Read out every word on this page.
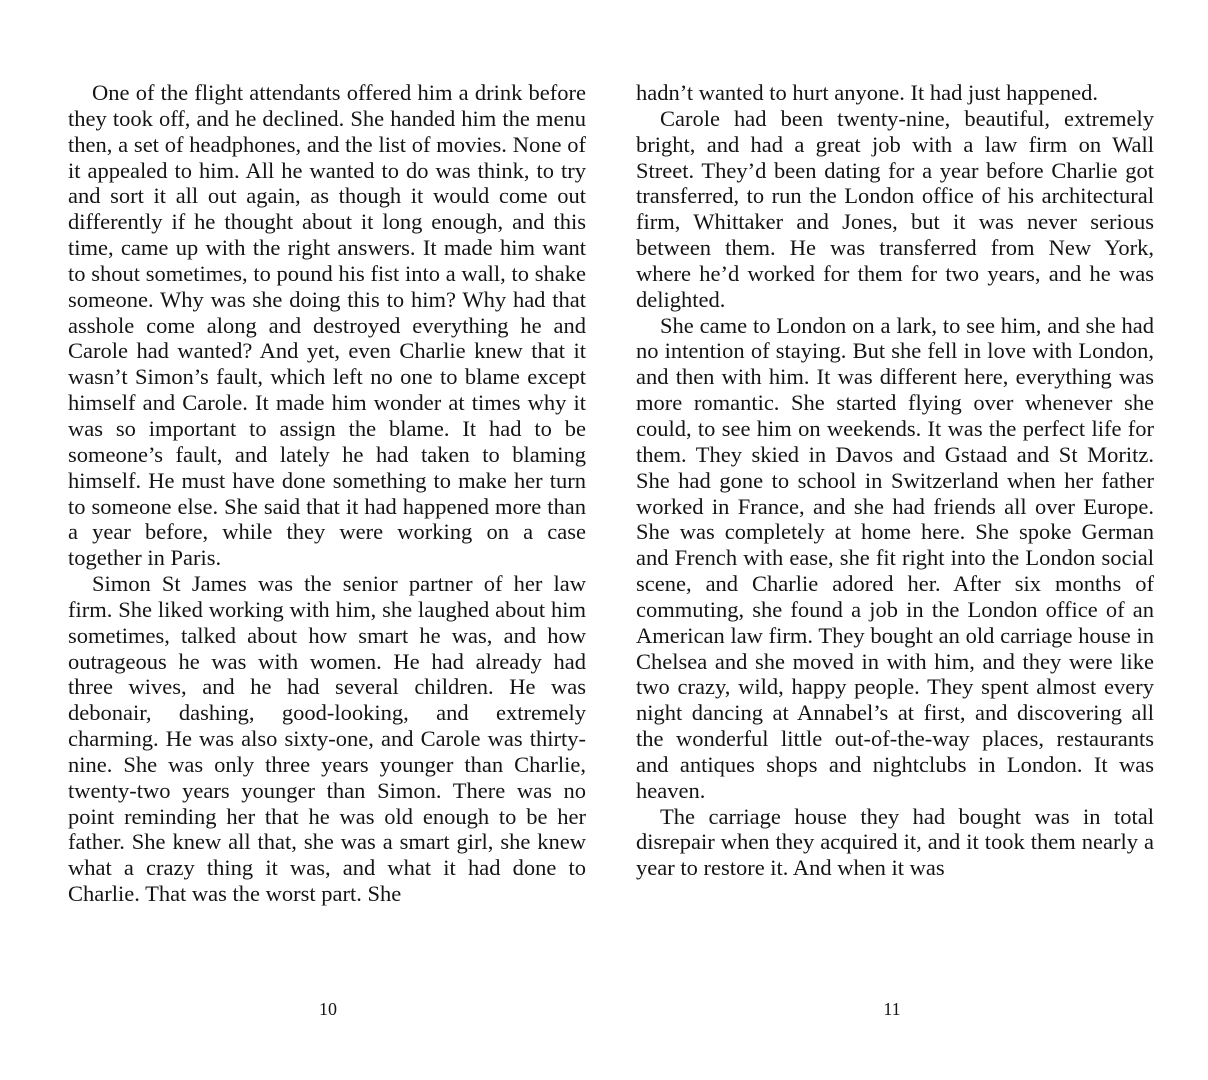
One of the flight attendants offered him a drink before they took off, and he declined. She handed him the menu then, a set of headphones, and the list of movies. None of it appealed to him. All he wanted to do was think, to try and sort it all out again, as though it would come out differently if he thought about it long enough, and this time, came up with the right answers. It made him want to shout sometimes, to pound his fist into a wall, to shake someone. Why was she doing this to him? Why had that asshole come along and destroyed everything he and Carole had wanted? And yet, even Charlie knew that it wasn’t Simon’s fault, which left no one to blame except himself and Carole. It made him wonder at times why it was so important to assign the blame. It had to be someone’s fault, and lately he had taken to blaming himself. He must have done something to make her turn to someone else. She said that it had happened more than a year before, while they were working on a case together in Paris.

Simon St James was the senior partner of her law firm. She liked working with him, she laughed about him sometimes, talked about how smart he was, and how outrageous he was with women. He had already had three wives, and he had several children. He was debonair, dashing, good-looking, and extremely charming. He was also sixty-one, and Carole was thirty-nine. She was only three years younger than Charlie, twenty-two years younger than Simon. There was no point reminding her that he was old enough to be her father. She knew all that, she was a smart girl, she knew what a crazy thing it was, and what it had done to Charlie. That was the worst part. She

10

hadn’t wanted to hurt anyone. It had just happened.

Carole had been twenty-nine, beautiful, extremely bright, and had a great job with a law firm on Wall Street. They’d been dating for a year before Charlie got transferred, to run the London office of his architectural firm, Whittaker and Jones, but it was never serious between them. He was transferred from New York, where he’d worked for them for two years, and he was delighted.

She came to London on a lark, to see him, and she had no intention of staying. But she fell in love with London, and then with him. It was different here, everything was more romantic. She started flying over whenever she could, to see him on weekends. It was the perfect life for them. They skied in Davos and Gstaad and St Moritz. She had gone to school in Switzerland when her father worked in France, and she had friends all over Europe. She was completely at home here. She spoke German and French with ease, she fit right into the London social scene, and Charlie adored her. After six months of commuting, she found a job in the London office of an American law firm. They bought an old carriage house in Chelsea and she moved in with him, and they were like two crazy, wild, happy people. They spent almost every night dancing at Annabel’s at first, and discovering all the wonderful little out-of-the-way places, restaurants and antiques shops and nightclubs in London. It was heaven.

The carriage house they had bought was in total disrepair when they acquired it, and it took them nearly a year to restore it. And when it was

11
